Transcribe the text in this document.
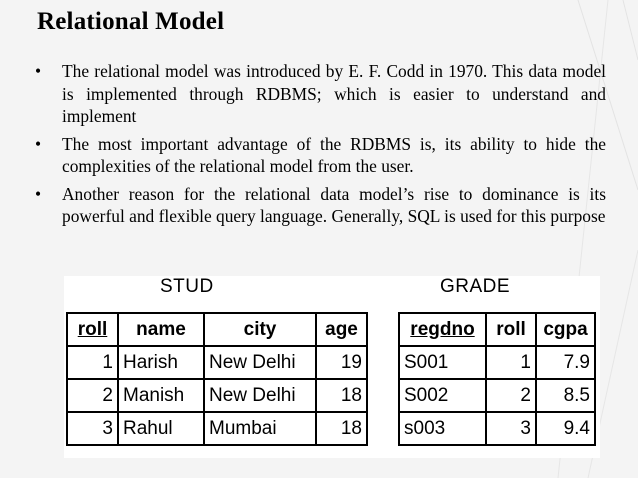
Relational Model
•	The relational model was introduced by E. F. Codd in 1970. This data model is implemented through RDBMS; which is easier to understand and implement
•	The most important advantage of the RDBMS is, its ability to hide the complexities of the relational model from the user.
•	Another reason for the relational data model’s rise to dominance is its powerful and flexible query language. Generally, SQL is used for this purpose
STUD
roll	name	city	age
1	Harish	New Delhi	19
2	Manish	New Delhi	18
3	Rahul	Mumbai	18
GRADE
regdno	roll	cgpa
S001	1	7.9
S002	2	8.5
s003	3	9.4
